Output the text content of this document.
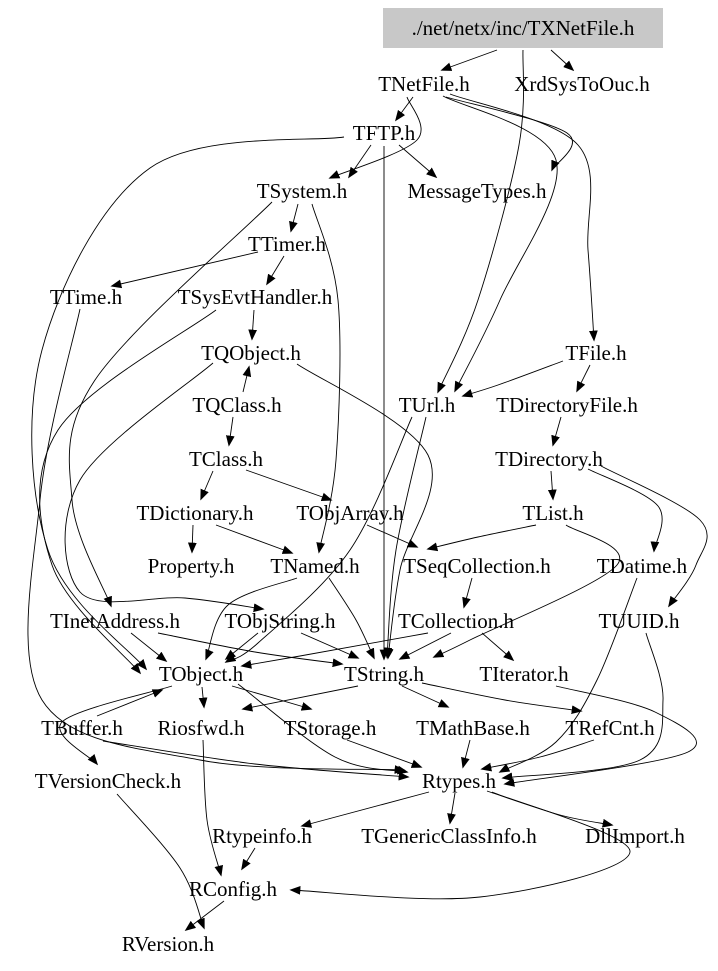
./net/netx/inc/TXNetFile.h
TNetFile.h XrdSysToOuc.h
TFTP.h
TSystem.h	MessageTypes.h
TTimer.h
TTime.h	TSysEvtHandler.h
TQObject.h	TFile.h
TQClass.h	TUrl.h TDirectoryFile.h
TClass.h	TDirectory.h
TDictionary.h TObjArray.h	TList.h
Property.h TNamed.h TSeqCollection.h TDatime.h
TInetAddress.h TObjString.h	TCollection.h	TUUID.h
TObject.h	TString.h	TIterator.h
TBuffer.h Riosfwd.h TStorage.h TMathBase.h TRefCnt.h
TVersionCheck.h	Rtypes.h
Rtypeinfo.h TGenericClassInfo.h DllImport.h
RConfig.h
RVersion.h
